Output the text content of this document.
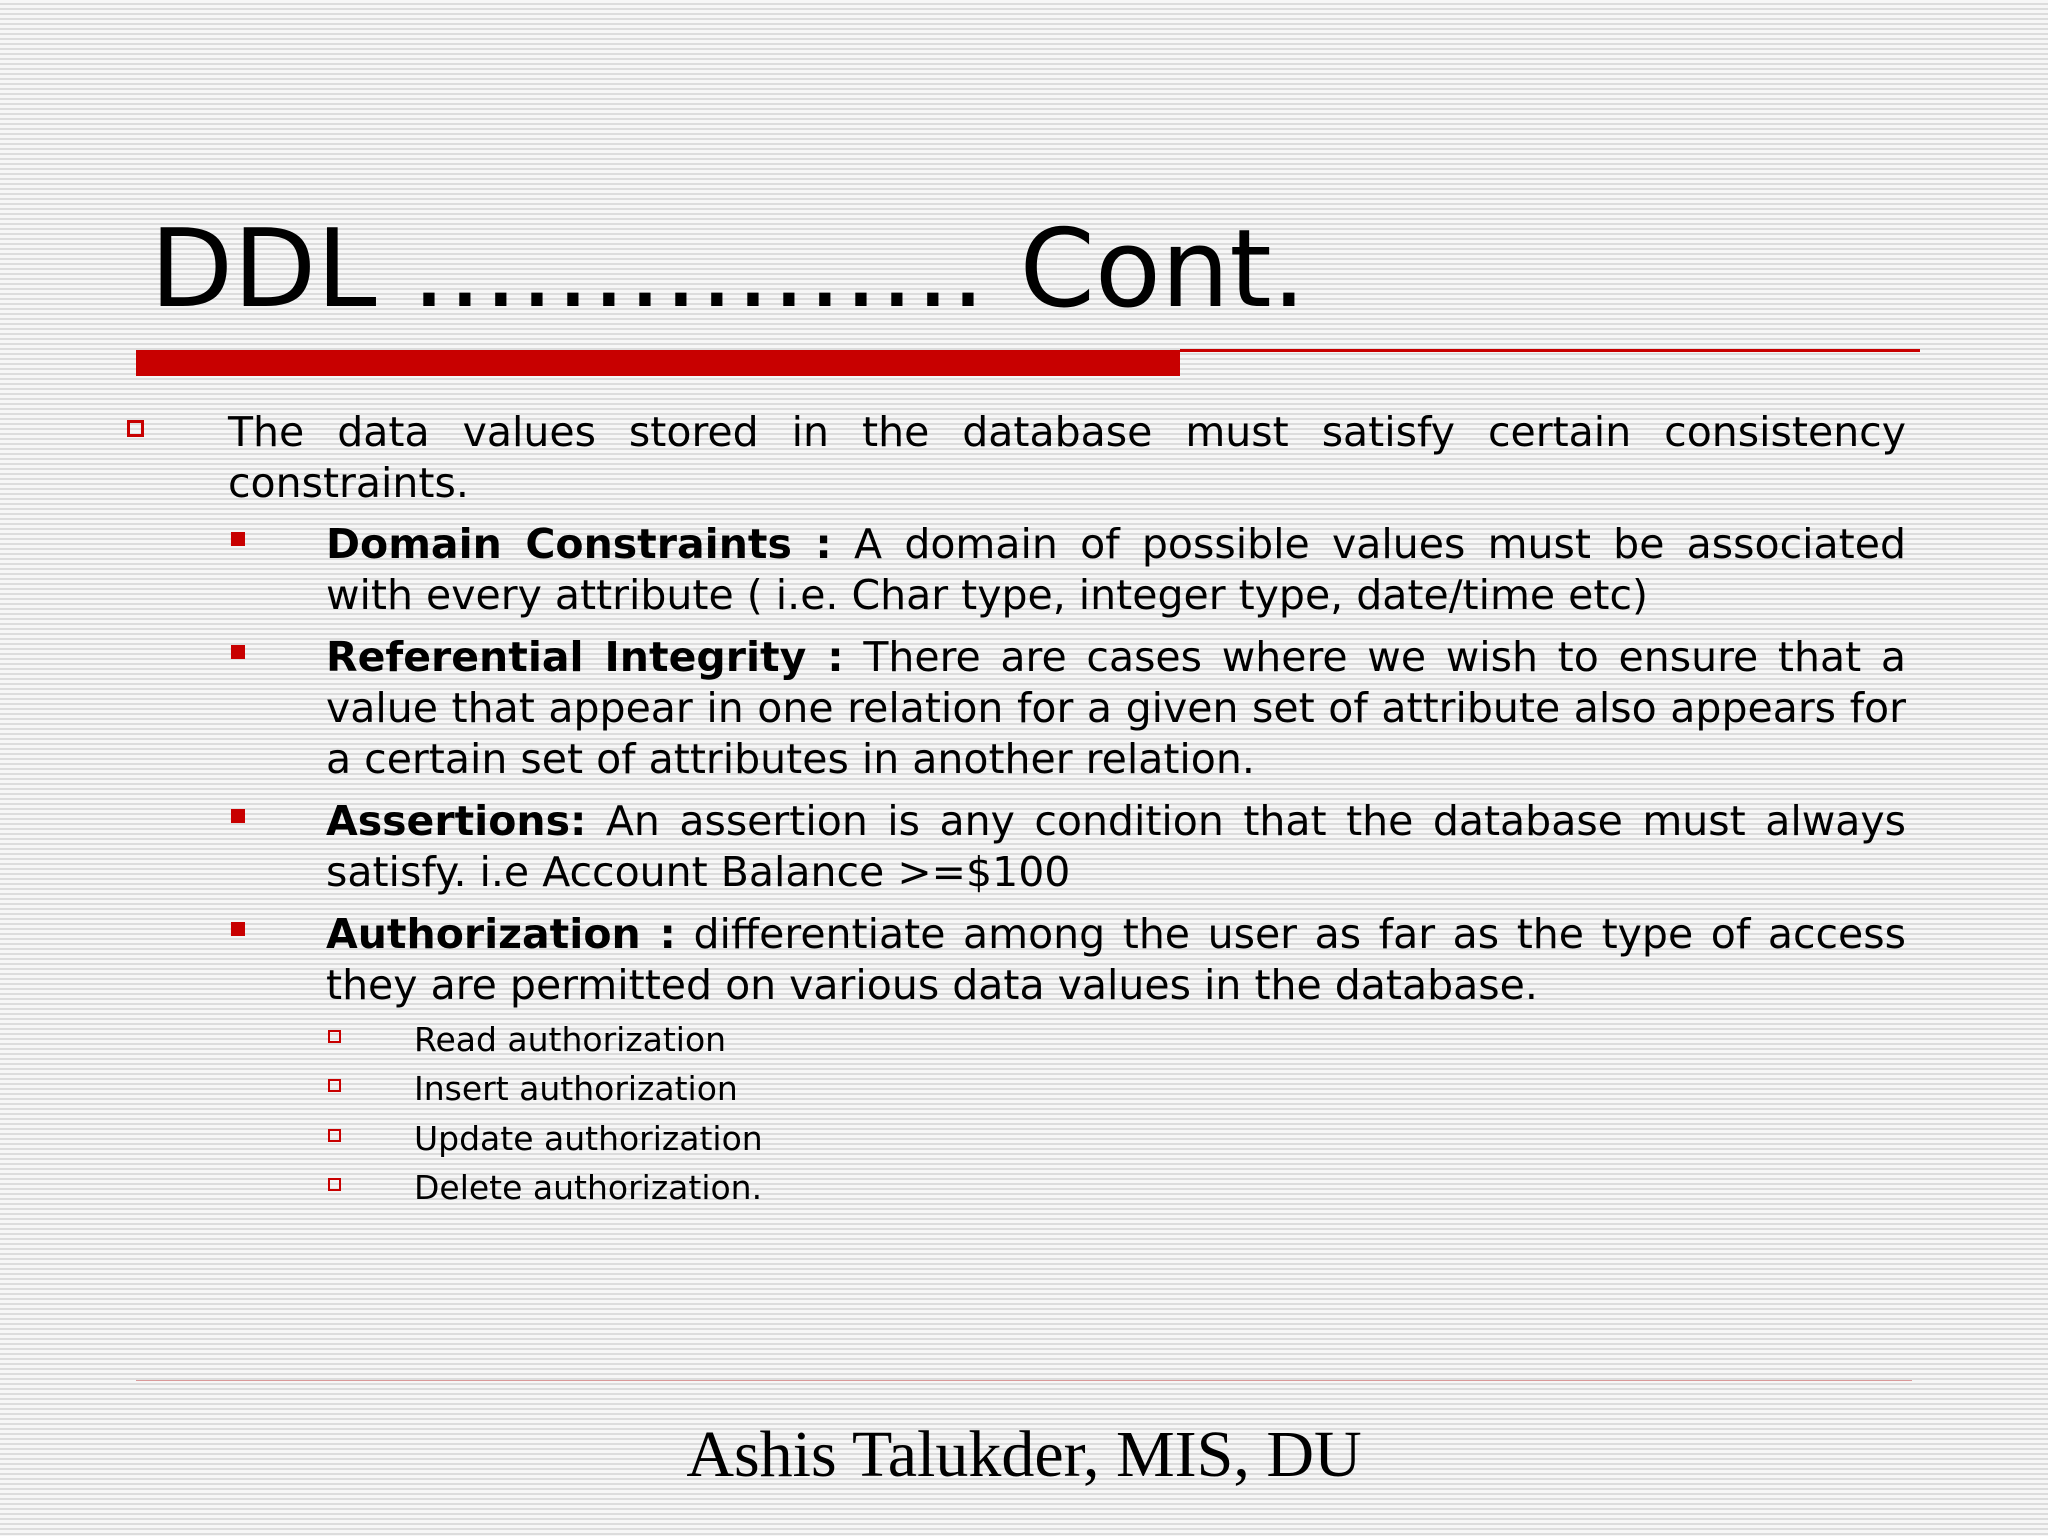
DDL ……………. Cont.
The data values stored in the database must satisfy certain consistency constraints.
Domain Constraints : A domain of possible values must be associated with every attribute ( i.e. Char type, integer type, date/time etc)
Referential Integrity : There are cases where we wish to ensure that a value that appear in one relation for a given set of attribute also appears for a certain set of attributes in another relation.
Assertions: An assertion is any condition that the database must always satisfy. i.e Account Balance >=$100
Authorization : differentiate among the user as far as the type of access they are permitted on various data values in the database.
Read authorization
Insert authorization
Update authorization
Delete authorization.
Ashis Talukder, MIS, DU
